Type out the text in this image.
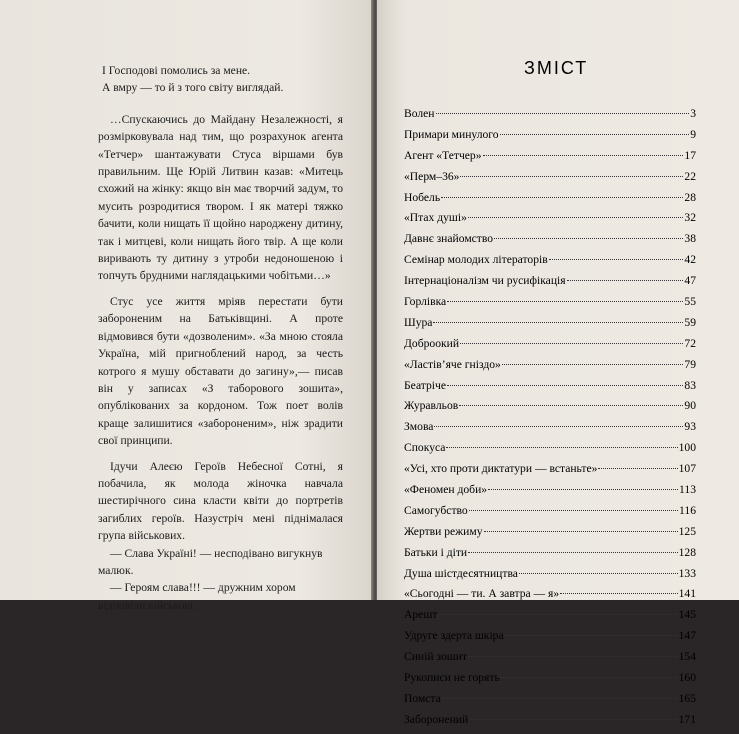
І Господові помолись за мене.
А вмру — то й з того світу виглядай.

…Спускаючись до Майдану Незалежності, я розмірковувала над тим, що розрахунок агента «Тетчер» шантажувати Стуса віршами був правильним. Ще Юрій Литвин казав: «Митець схожий на жінку: якщо він має творчий задум, то мусить розродитися твором. І як матері тяжко бачити, коли нищать її щойно народжену дитину, так і митцеві, коли нищать його твір. А ще коли виривають ту дитину з утроби недоношеною і топчуть брудними наглядацькими чобітьми…»

Стус усе життя мріяв перестати бути забороненим на Батьківщині. А проте відмовився бути «дозволеним». «За мною стояла Україна, мій пригноблений народ, за честь котрого я мушу обставати до загину»,— писав він у записах «З таборового зошита», опублікованих за кордоном. Тож поет волів краще залишитися «забороненим», ніж зрадити свої принципи.

Ідучи Алеєю Героїв Небесної Сотні, я побачила, як молода жіночка навчала шестирічного сина класти квіти до портретів загиблих героїв. Назустріч мені піднімалася група військових.

— Слава Україні! — несподівано вигукнув малюк.

— Героям слава!!! — дружним хором відповіли військові.

ЗМІСТ
Волен	3
Примари минулого	9
Агент «Тетчер»	17
«Перм–36»	22
Нобель	28
«Птах душі»	32
Давнє знайомство	38
Семінар молодих літераторів	42
Інтернаціоналізм чи русифікація	47
Горлівка	55
Шура	59
Доброокий	72
«Ластів’яче гніздо»	79
Беатріче	83
Журавльов	90
Змова	93
Спокуса	100
«Усі, хто проти диктатури — встаньте»	107
«Феномен доби»	113
Самогубство	116
Жертви режиму	125
Батьки і діти	128
Душа шістдесятництва	133
«Сьогодні — ти. А завтра — я»	141
Арешт	145
Удруге здерта шкіра	147
Синій зошит	154
Рукописи не горять	160
Помста	165
Заборонений	171
